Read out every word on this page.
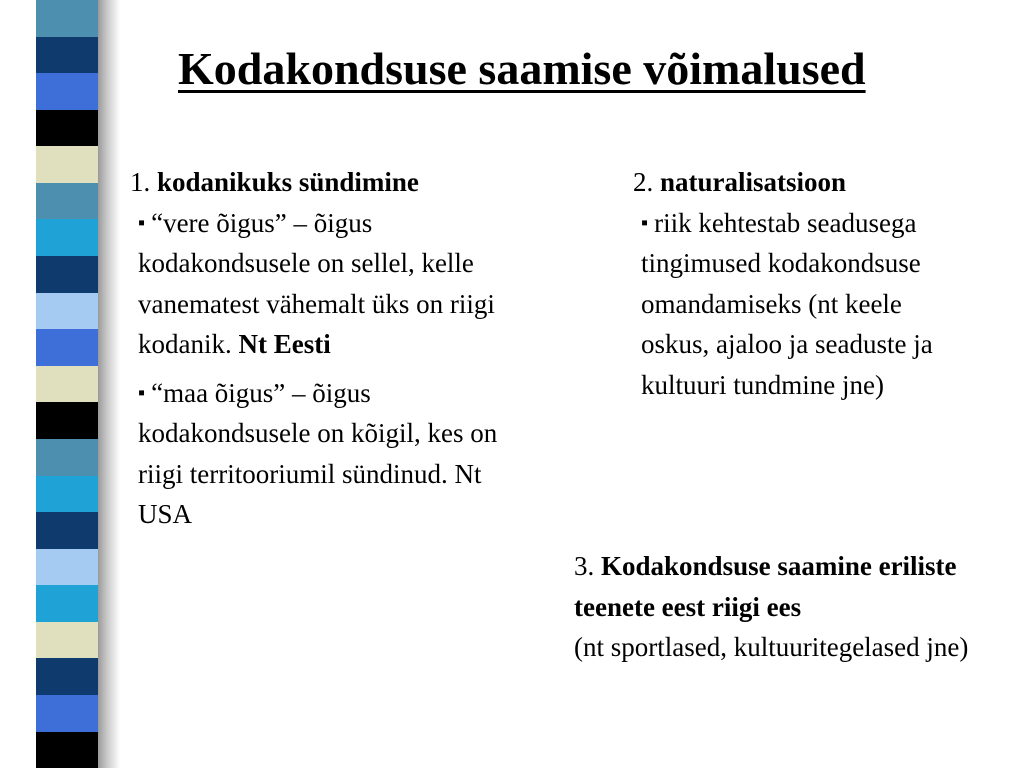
Kodakondsuse saamise võimalused

1. kodanikuks sündimine

▪ “vere õigus” – õigus kodakondsusele on sellel, kelle vanematest vähemalt üks on riigi kodanik. Nt Eesti

▪ “maa õigus” – õigus kodakondsusele on kõigil, kes on riigi territooriumil sündinud. Nt USA

2. naturalisatsioon

▪ riik kehtestab seadusega tingimused kodakondsuse omandamiseks (nt keele oskus, ajaloo ja seaduste ja kultuuri tundmine jne)

3. Kodakondsuse saamine eriliste teenete eest riigi ees

(nt sportlased, kultuuritegelased jne)
